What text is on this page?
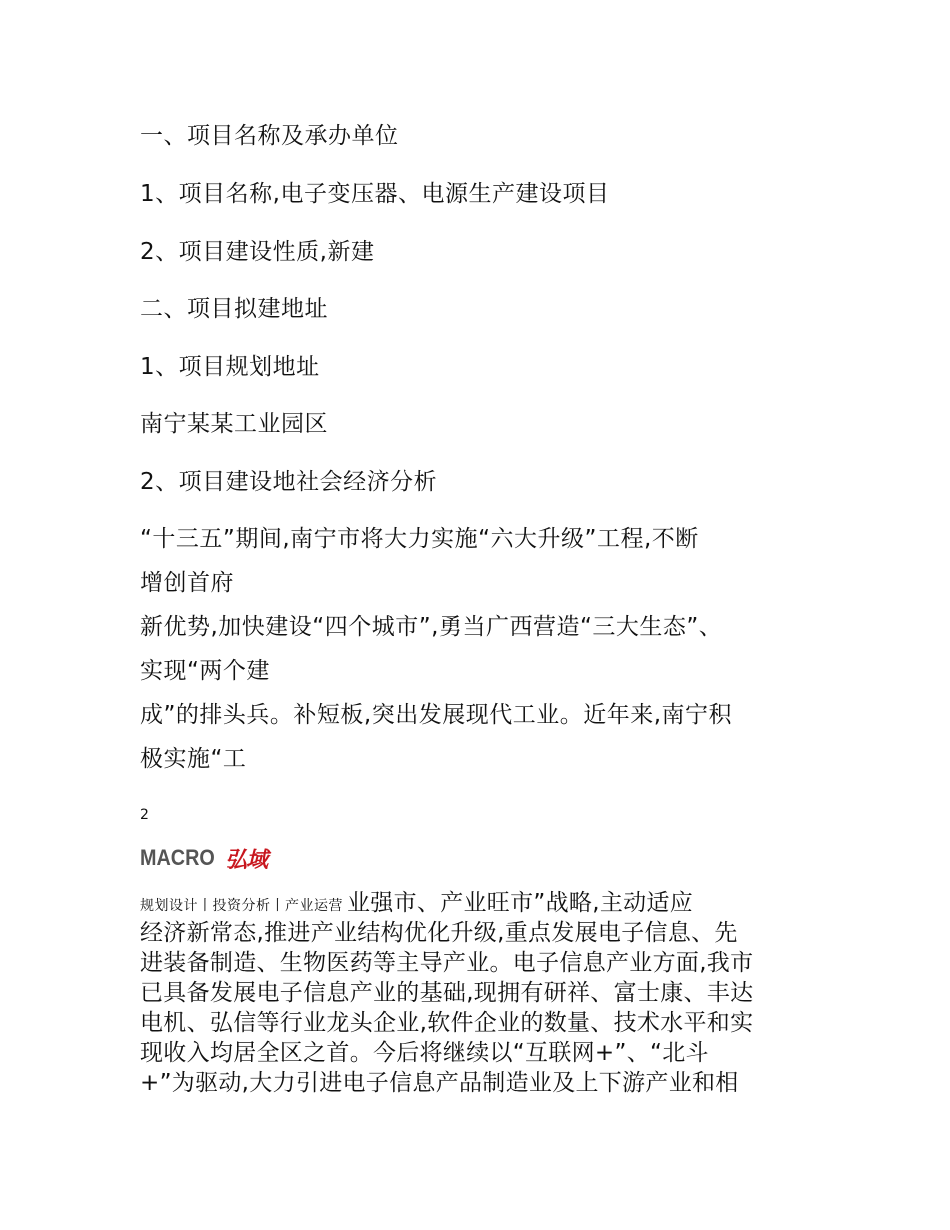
一、项目名称及承办单位
1、项目名称,电子变压器、电源生产建设项目
2、项目建设性质,新建
二、项目拟建地址
1、项目规划地址
南宁某某工业园区
2、项目建设地社会经济分析
“十三五”期间,南宁市将大力实施“六大升级”工程,不断
增创首府
新优势,加快建设“四个城市”,勇当广西营造“三大生态”、
实现“两个建
成”的排头兵。补短板,突出发展现代工业。近年来,南宁积
极实施“工
2
MACRO 弘域
规划设计丨投资分析丨产业运营 业强市、产业旺市”战略,主动适应
经济新常态,推进产业结构优化升级,重点发展电子信息、先
进装备制造、生物医药等主导产业。电子信息产业方面,我市
已具备发展电子信息产业的基础,现拥有研祥、富士康、丰达
电机、弘信等行业龙头企业,软件企业的数量、技术水平和实
现收入均居全区之首。今后将继续以“互联网+”、“北斗
+”为驱动,大力引进电子信息产品制造业及上下游产业和相
